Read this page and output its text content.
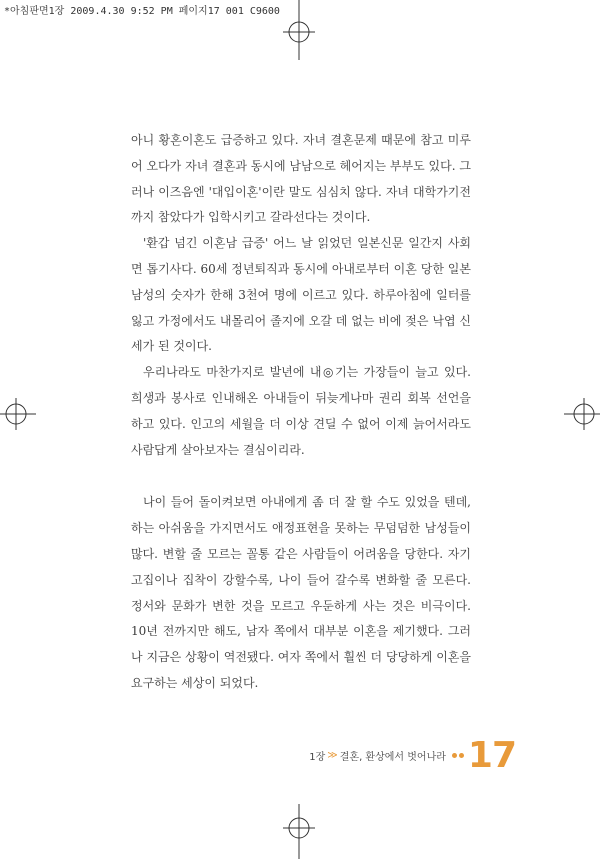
*아침판면1장 2009.4.30 9:52 PM 페이지17 001 C9600

아니 황혼이혼도 급증하고 있다. 자녀 결혼문제 때문에 참고 미루어 오다가 자녀 결혼과 동시에 남남으로 헤어지는 부부도 있다. 그러나 이즈음엔 '대입이혼'이란 말도 심심치 않다. 자녀 대학가기전까지 참았다가 입학시키고 갈라선다는 것이다.

'환갑 넘긴 이혼남 급증' 어느 날 읽었던 일본신문 일간지 사회면 톱기사다. 60세 정년퇴직과 동시에 아내로부터 이혼 당한 일본남성의 숫자가 한해 3천여 명에 이르고 있다. 하루아침에 일터를 잃고 가정에서도 내몰리어 졸지에 오갈 데 없는 비에 젖은 낙엽 신세가 된 것이다.

우리나라도 마찬가지로 발년에 내◎기는 가장들이 늘고 있다. 희생과 봉사로 인내해온 아내들이 뒤늦게나마 권리 회복 선언을 하고 있다. 인고의 세월을 더 이상 견딜 수 없어 이제 늙어서라도 사람답게 살아보자는 결심이리라.

나이 들어 돌이켜보면 아내에게 좀 더 잘 할 수도 있었을 텐데, 하는 아쉬움을 가지면서도 애정표현을 못하는 무덤덤한 남성들이 많다. 변할 줄 모르는 꼴통 같은 사람들이 어려움을 당한다. 자기 고집이나 집착이 강할수록, 나이 들어 갈수록 변화할 줄 모른다. 정서와 문화가 변한 것을 모르고 우둔하게 사는 것은 비극이다. 10년 전까지만 해도, 남자 쪽에서 대부분 이혼을 제기했다. 그러나 지금은 상황이 역전됐다. 여자 쪽에서 훨씬 더 당당하게 이혼을 요구하는 세상이 되었다.

1장 ≫ 결혼, 환상에서 벗어나라 17
